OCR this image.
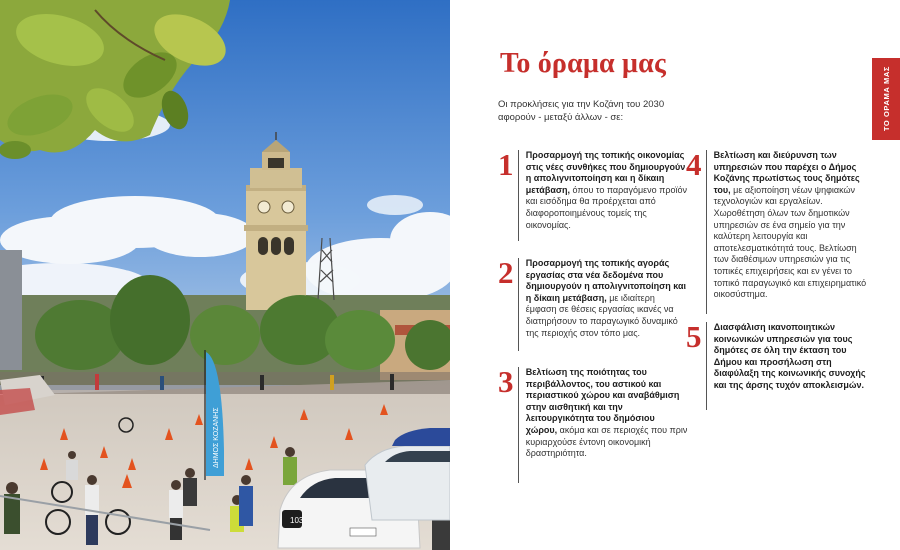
ΔΗΜΟΣ ΚΟΖΑΝΗΣ
103
Το όραμα μας
Οι προκλήσεις για την Κοζάνη του 2030 αφορούν - μεταξύ άλλων - σε:
1 Προσαρμογή της τοπικής οικονομίας στις νέες συνθήκες που δημιουργούν η απολιγνιτοποίηση και η δίκαιη μετάβαση, όπου το παραγόμενο προϊόν και εισόδημα θα προέρχεται από διαφοροποιημένους τομείς της οικονομίας.
2 Προσαρμογή της τοπικής αγοράς εργασίας στα νέα δεδομένα που δημιουργούν η απολιγνιτοποίηση και η δίκαιη μετάβαση, με ιδιαίτερη έμφαση σε θέσεις εργασίας ικανές να διατηρήσουν το παραγωγικό δυναμικό της περιοχής στον τόπο μας.
3 Βελτίωση της ποιότητας του περιβάλλοντος, του αστικού και περιαστικού χώρου και αναβάθμιση στην αισθητική και την λειτουργικότητα του δημόσιου χώρου, ακόμα και σε περιοχές που πριν κυριαρχούσε έντονη οικονομική δραστηριότητα.
4 Βελτίωση και διεύρυνση των υπηρεσιών που παρέχει ο Δήμος Κοζάνης πρωτίστως τους δημότες του, με αξιοποίηση νέων ψηφιακών τεχνολογιών και εργαλείων. Χωροθέτηση όλων των δημοτικών υπηρεσιών σε ένα σημείο για την καλύτερη λειτουργία και αποτελεσματικότητά τους. Βελτίωση των διαθέσιμων υπηρεσιών για τις τοπικές επιχειρήσεις και εν γένει το τοπικό παραγωγικό και επιχειρηματικό οικοσύστημα.
5 Διασφάλιση ικανοποιητικών κοινωνικών υπηρεσιών για τους δημότες σε όλη την έκταση του Δήμου και προσήλωση στη διαφύλαξη της κοινωνικής συνοχής και της άρσης τυχόν αποκλεισμών.
ΤΟ ΟΡΑΜΑ ΜΑΣ
